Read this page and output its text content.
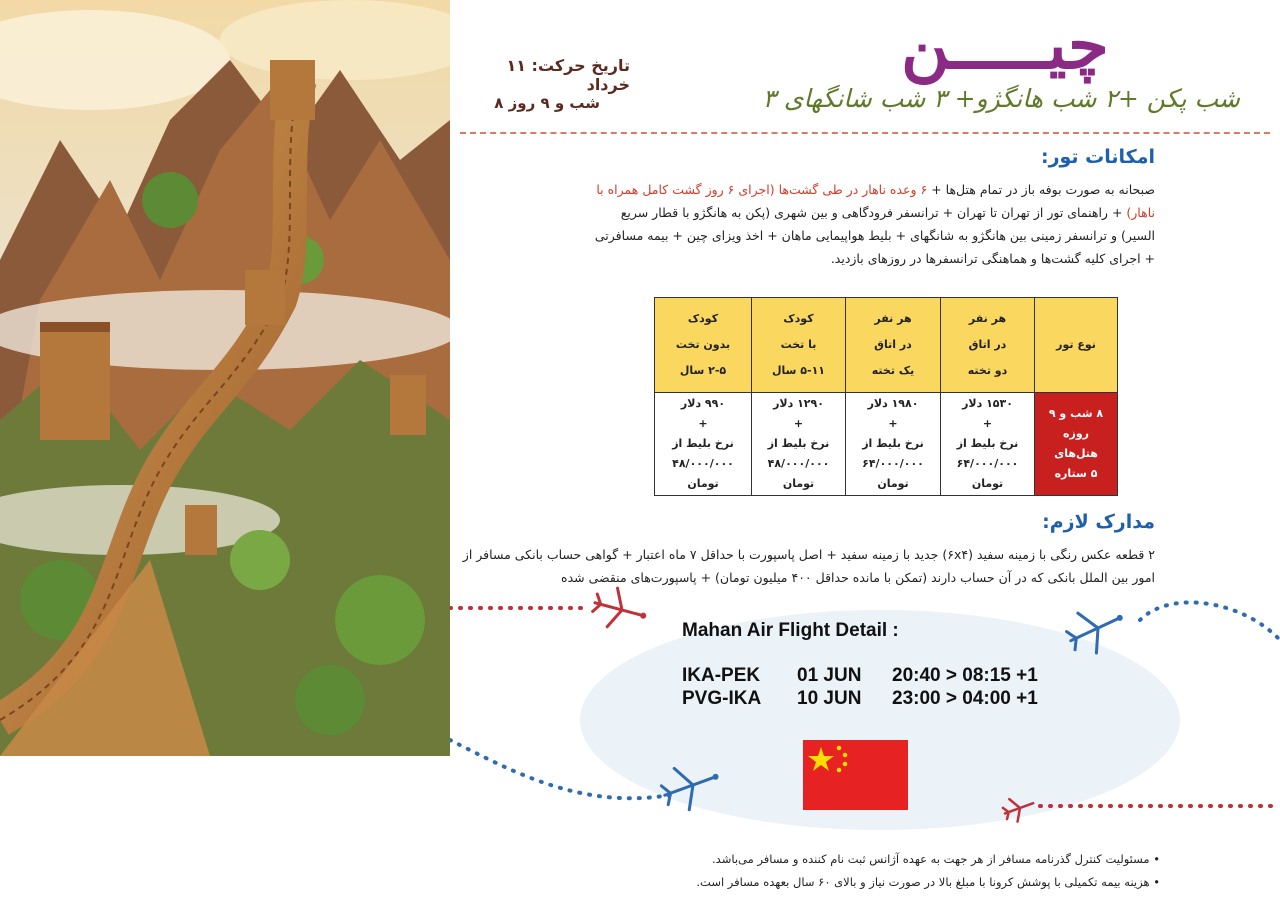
چیـــــن
۳ شب پکن +۲ شب هانگژو+ ۳ شب شانگهای
تاریخ حرکت: ۱۱ خرداد
۸ شب و ۹ روز
امکانات تور:
صبحانه به صورت بوفه باز در تمام هتل‌ها + ۶ وعده ناهار در طی گشت‌ها (اجرای ۶ روز گشت کامل همراه با ناهار) + راهنمای تور از تهران تا تهران + ترانسفر فرودگاهی و بین شهری (پکن به هانگژو با قطار سریع السیر) و ترانسفر زمینی بین هانگژو به شانگهای + بلیط هواپیمایی ماهان + اخذ ویزای چین + بیمه مسافرتی + اجرای کلیه گشت‌ها و هماهنگی ترانسفرها در روزهای بازدید.
نوع تور	هر نفر
در اتاق
دو تخته	هر نفر
در اتاق
یک تخته	کودک
با تخت
۵-۱۱ سال	کودک
بدون تخت
۲-۵ سال
۸ شب و ۹ روزه
هتل‌های
۵ ستاره	۱۵۳۰ دلار
+
نرخ بلیط از
۶۴/۰۰۰/۰۰۰ تومان	۱۹۸۰ دلار
+
نرخ بلیط از
۶۴/۰۰۰/۰۰۰ تومان	۱۲۹۰ دلار
+
نرخ بلیط از
۴۸/۰۰۰/۰۰۰ تومان	۹۹۰ دلار
+
نرخ بلیط از
۴۸/۰۰۰/۰۰۰ تومان
مدارک لازم:
۲ قطعه عکس رنگی با زمینه سفید (۶x۴) جدید با زمینه سفید + اصل پاسپورت با حداقل ۷ ماه اعتبار + گواهی حساب بانکی مسافر از امور بین الملل بانکی که در آن حساب دارند (تمکن با مانده حداقل ۴۰۰ میلیون تومان) + پاسپورت‌های منقضی شده
Mahan Air Flight Detail :
IKA-PEK	01 JUN	20:40 > 08:15 +1
PVG-IKA	10 JUN	23:00 > 04:00 +1
• مسئولیت کنترل گذرنامه مسافر از هر جهت به عهده آژانس ثبت نام کننده و مسافر می‌باشد.
• هزینه بیمه تکمیلی با پوشش کرونا با مبلغ بالا در صورت نیاز و بالای ۶۰ سال بعهده مسافر است.
